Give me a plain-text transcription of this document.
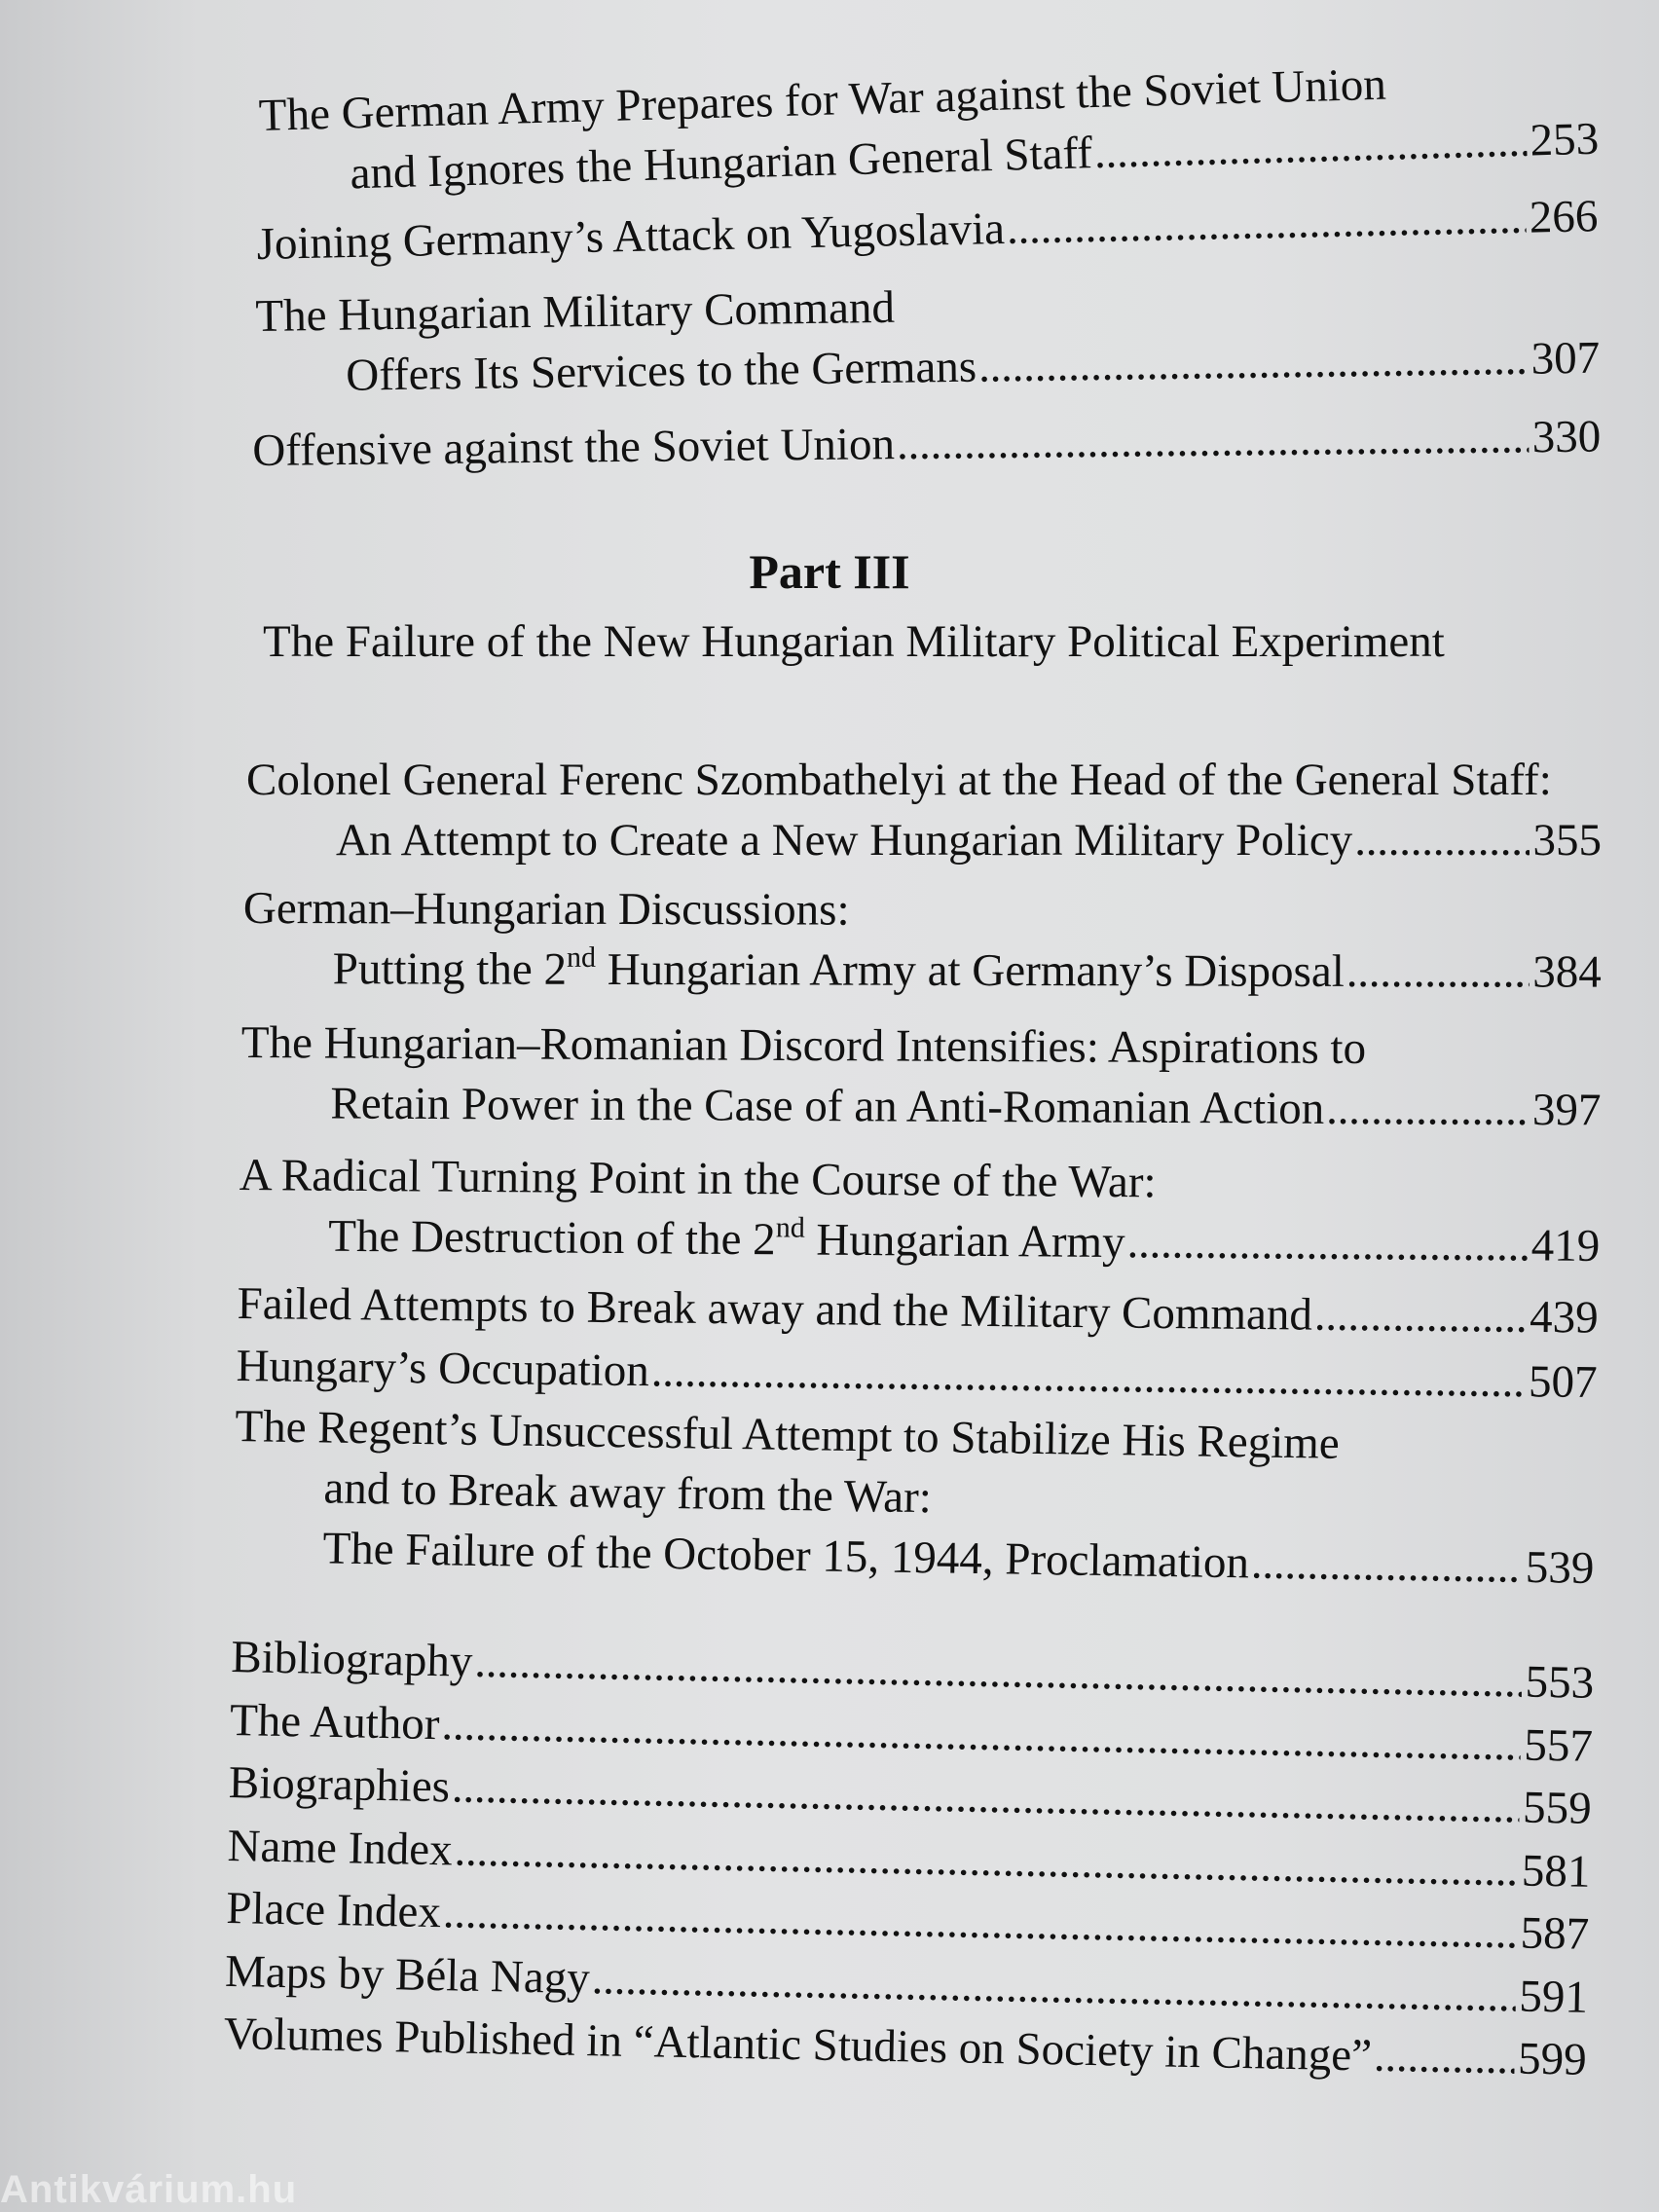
The German Army Prepares for War against the Soviet Union
and Ignores the Hungarian General Staff . . .	253
Joining Germany’s Attack on Yugoslavia . . .	266
The Hungarian Military Command
Offers Its Services to the Germans . . .	307
Offensive against the Soviet Union . . .	330
Part III
The Failure of the New Hungarian Military Political Experiment
Colonel General Ferenc Szombathelyi at the Head of the General Staff:
An Attempt to Create a New Hungarian Military Policy . . .	355
German–Hungarian Discussions:
Putting the 2nd Hungarian Army at Germany’s Disposal . . .	384
The Hungarian–Romanian Discord Intensifies: Aspirations to
Retain Power in the Case of an Anti-Romanian Action . . .	397
A Radical Turning Point in the Course of the War:
The Destruction of the 2nd Hungarian Army . . .	419
Failed Attempts to Break away and the Military Command . . .	439
Hungary’s Occupation . . .	507
The Regent’s Unsuccessful Attempt to Stabilize His Regime
and to Break away from the War:
The Failure of the October 15, 1944, Proclamation . . .	539
Bibliography . . .	553
The Author . . .	557
Biographies . . .	559
Name Index . . .	581
Place Index . . .	587
Maps by Béla Nagy . . .	591
Volumes Published in “Atlantic Studies on Society in Change” . . .	599
Antikvárium.hu
